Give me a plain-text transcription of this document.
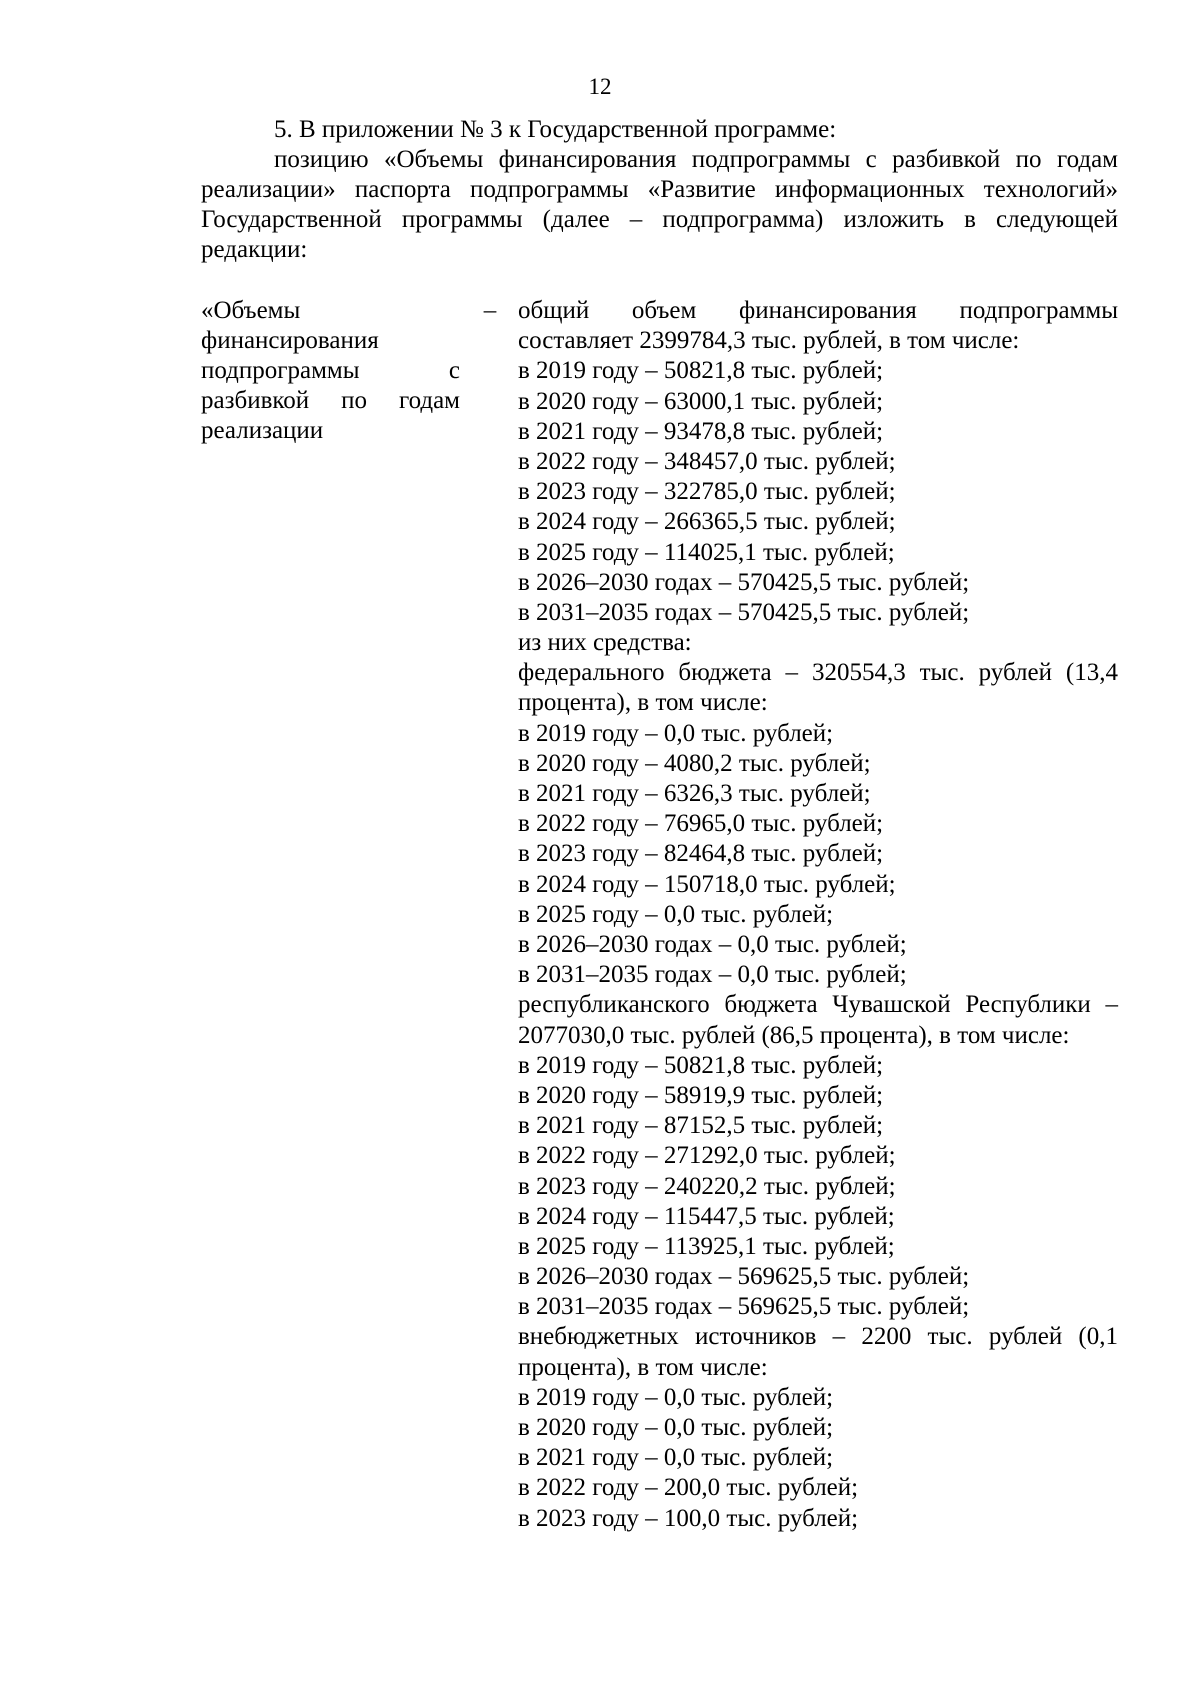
12

5. В приложении № 3 к Государственной программе:

позицию «Объемы финансирования подпрограммы с разбивкой по годам реализации» паспорта подпрограммы «Развитие информационных технологий» Государственной программы (далее – подпрограмма) изложить в следующей редакции:

«Объемы финансирования подпрограммы с разбивкой по годам реализации
– общий объем финансирования подпрограммы составляет 2399784,3 тыс. рублей, в том числе:
в 2019 году – 50821,8 тыс. рублей;
в 2020 году – 63000,1 тыс. рублей;
в 2021 году – 93478,8 тыс. рублей;
в 2022 году – 348457,0 тыс. рублей;
в 2023 году – 322785,0 тыс. рублей;
в 2024 году – 266365,5 тыс. рублей;
в 2025 году – 114025,1 тыс. рублей;
в 2026–2030 годах – 570425,5 тыс. рублей;
в 2031–2035 годах – 570425,5 тыс. рублей;
из них средства:
федерального бюджета – 320554,3 тыс. рублей (13,4 процента), в том числе:
в 2019 году – 0,0 тыс. рублей;
в 2020 году – 4080,2 тыс. рублей;
в 2021 году – 6326,3 тыс. рублей;
в 2022 году – 76965,0 тыс. рублей;
в 2023 году – 82464,8 тыс. рублей;
в 2024 году – 150718,0 тыс. рублей;
в 2025 году – 0,0 тыс. рублей;
в 2026–2030 годах – 0,0 тыс. рублей;
в 2031–2035 годах – 0,0 тыс. рублей;
республиканского бюджета Чувашской Республики – 2077030,0 тыс. рублей (86,5 процента), в том числе:
в 2019 году – 50821,8 тыс. рублей;
в 2020 году – 58919,9 тыс. рублей;
в 2021 году – 87152,5 тыс. рублей;
в 2022 году – 271292,0 тыс. рублей;
в 2023 году – 240220,2 тыс. рублей;
в 2024 году – 115447,5 тыс. рублей;
в 2025 году – 113925,1 тыс. рублей;
в 2026–2030 годах – 569625,5 тыс. рублей;
в 2031–2035 годах – 569625,5 тыс. рублей;
внебюджетных источников – 2200 тыс. рублей (0,1 процента), в том числе:
в 2019 году – 0,0 тыс. рублей;
в 2020 году – 0,0 тыс. рублей;
в 2021 году – 0,0 тыс. рублей;
в 2022 году – 200,0 тыс. рублей;
в 2023 году – 100,0 тыс. рублей;
